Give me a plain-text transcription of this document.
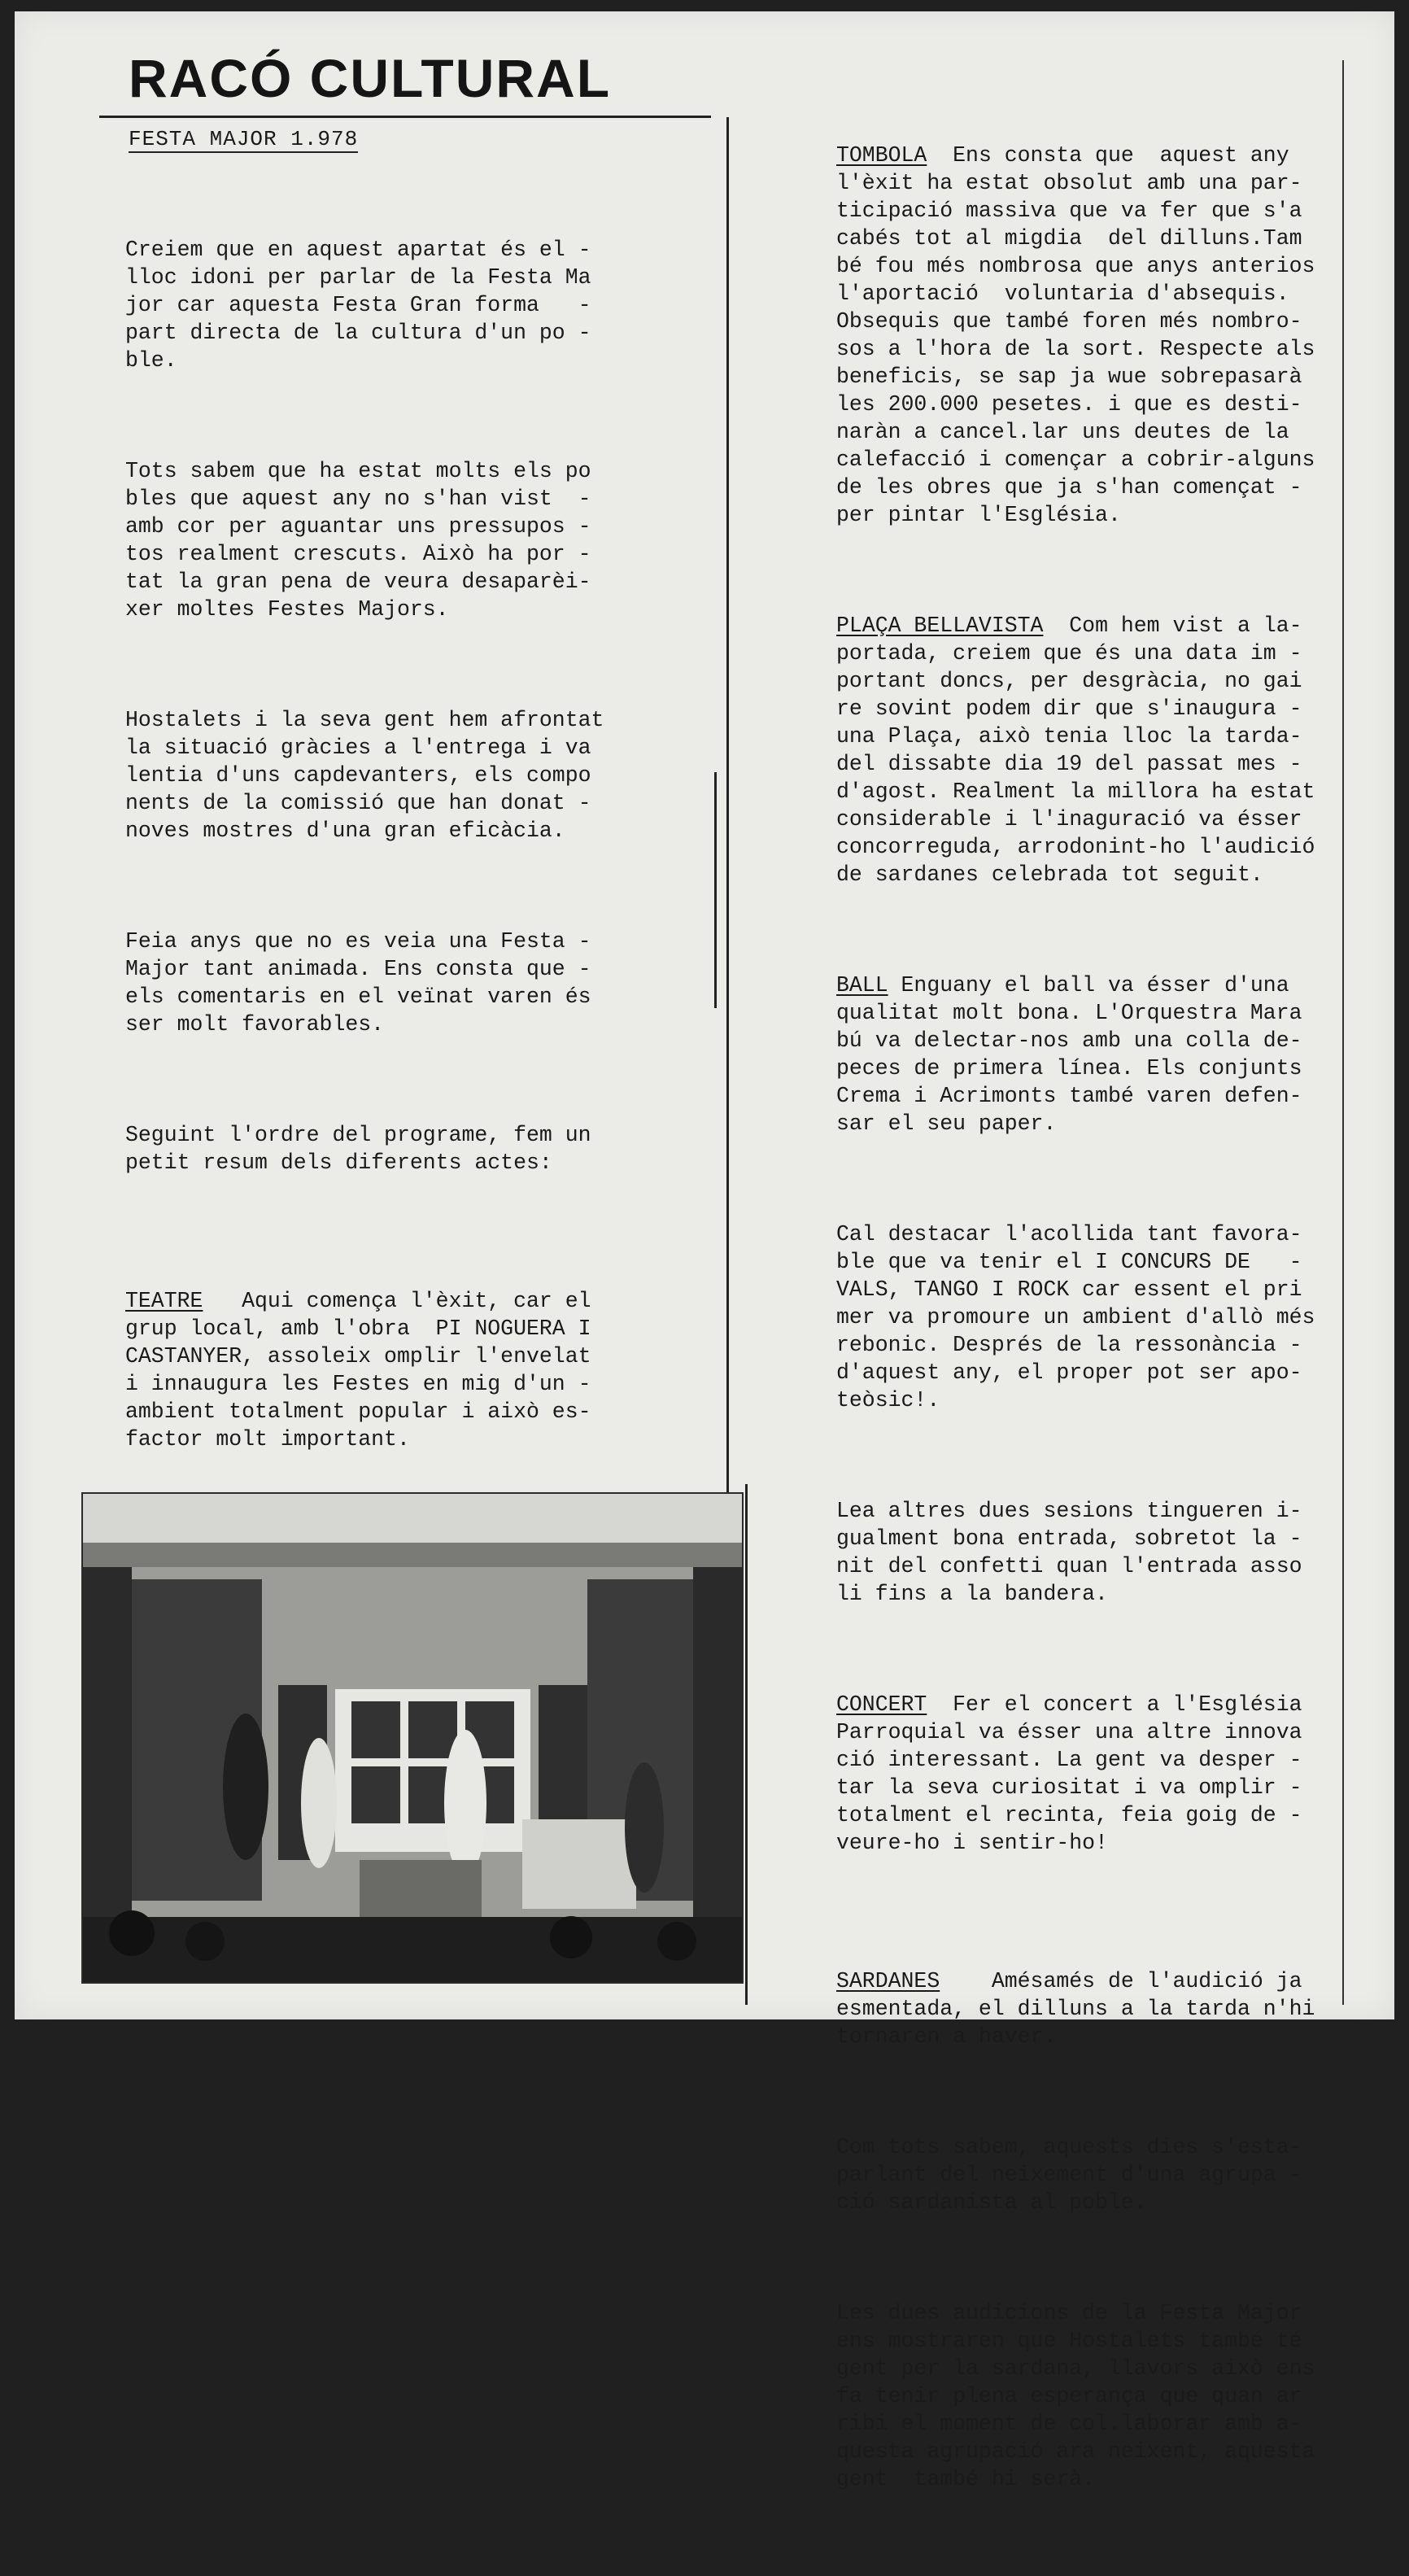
RACÓ CULTURAL
FESTA MAJOR 1.978

Creiem que en aquest apartat és el -
lloc idoni per parlar de la Festa Ma
jor car aquesta Festa Gran forma   -
part directa de la cultura d'un po -
ble.

Tots sabem que ha estat molts els po
bles que aquest any no s'han vist  -
amb cor per aguantar uns pressupos -
tos realment crescuts. Això ha por -
tat la gran pena de veura desaparèi-
xer moltes Festes Majors.

Hostalets i la seva gent hem afrontat
la situació gràcies a l'entrega i va
lentia d'uns capdevanters, els compo
nents de la comissió que han donat -
noves mostres d'una gran eficàcia.

Feia anys que no es veia una Festa -
Major tant animada. Ens consta que -
els comentaris en el veïnat varen és
ser molt favorables.

Seguint l'ordre del programe, fem un
petit resum dels diferents actes:

TEATRE   Aqui comença l'èxit, car el
grup local, amb l'obra  PI NOGUERA I
CASTANYER, assoleix omplir l'envelat
i innaugura les Festes en mig d'un -
ambient totalment popular i això es-
factor molt important.

TOMBOLA  Ens consta que  aquest any
l'èxit ha estat obsolut amb una par-
ticipació massiva que va fer que s'a
cabés tot al migdia  del dilluns.Tam
bé fou més nombrosa que anys anterios
l'aportació  voluntaria d'absequis.
Obsequis que també foren més nombro-
sos a l'hora de la sort. Respecte als
beneficis, se sap ja wue sobrepasarà
les 200.000 pesetes. i que es desti-
naràn a cancel.lar uns deutes de la
calefacció i començar a cobrir-alguns
de les obres que ja s'han començat -
per pintar l'Església.

PLAÇA BELLAVISTA  Com hem vist a la-
portada, creiem que és una data im -
portant doncs, per desgràcia, no gai
re sovint podem dir que s'inaugura -
una Plaça, això tenia lloc la tarda-
del dissabte dia 19 del passat mes -
d'agost. Realment la millora ha estat
considerable i l'inaguració va ésser
concorreguda, arrodonint-ho l'audició
de sardanes celebrada tot seguit.

BALL Enguany el ball va ésser d'una
qualitat molt bona. L'Orquestra Mara
bú va delectar-nos amb una colla de-
peces de primera línea. Els conjunts
Crema i Acrimonts també varen defen-
sar el seu paper.

Cal destacar l'acollida tant favora-
ble que va tenir el I CONCURS DE   -
VALS, TANGO I ROCK car essent el pri
mer va promoure un ambient d'allò més
rebonic. Després de la ressonància -
d'aquest any, el proper pot ser apo-
teòsic!.

Lea altres dues sesions tingueren i-
gualment bona entrada, sobretot la -
nit del confetti quan l'entrada asso
li fins a la bandera.

CONCERT  Fer el concert a l'Església
Parroquial va ésser una altre innova
ció interessant. La gent va desper -
tar la seva curiositat i va omplir -
totalment el recinta, feia goig de -
veure-ho i sentir-ho!

SARDANES    Amésamés de l'audició ja
esmentada, el dilluns a la tarda n'hi
tornaren a haver.

Com tots sabem, aquests dies s'esta-
parlant del neixement d'una agrupa -
ció sardanista al poble.

Les dues audicions de la Festa Major
ens mostraren que Hostalets també té
gent per la sardana, llavors això ens
fa tenir plena esperança que quan ar
ribi el moment de col.laborar amb a-
questa agrupació ara neixent, aquesta
gent  també hi serà.
